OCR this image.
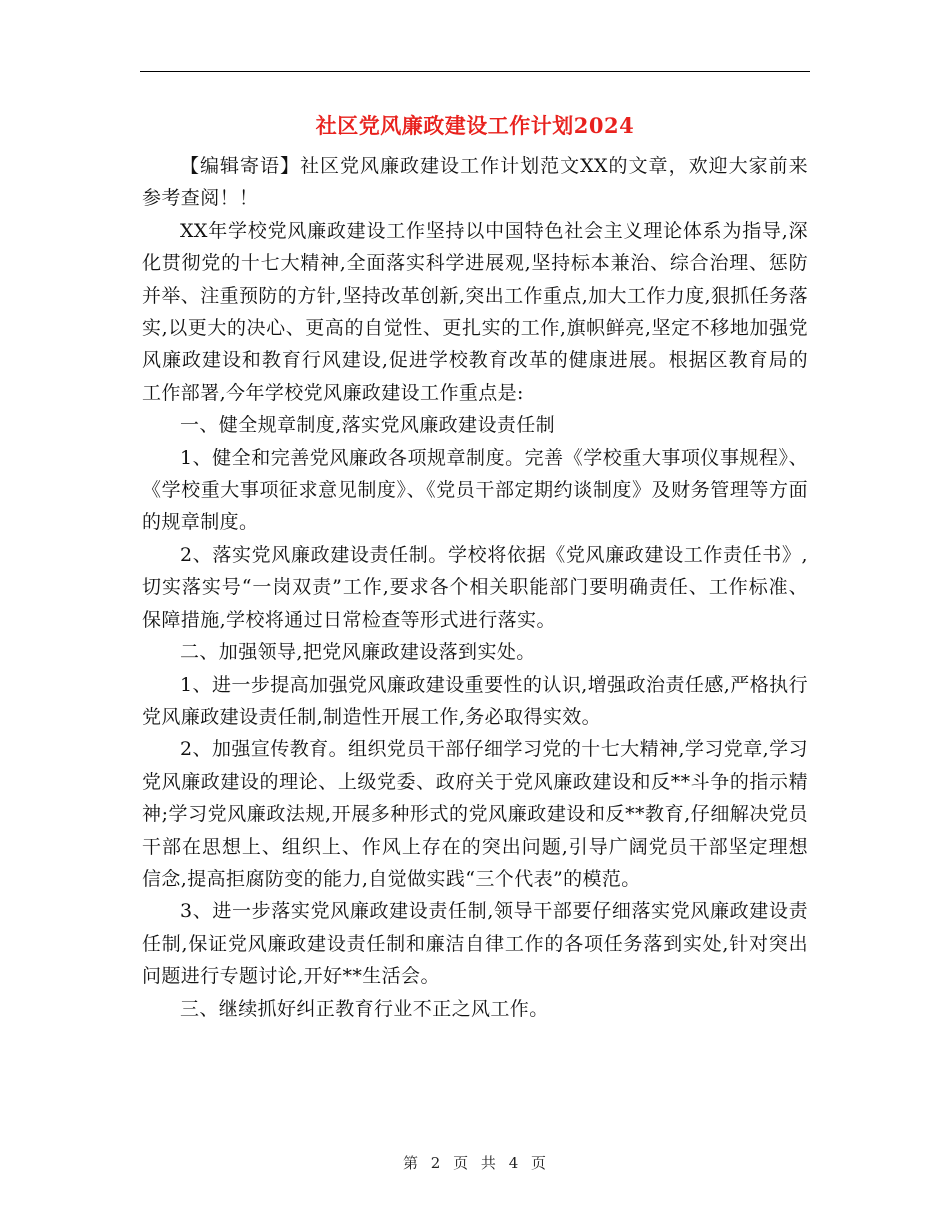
社区党风廉政建设工作计划2024

【编辑寄语】社区党风廉政建设工作计划范文XX的文章，欢迎大家前来参考查阅！！

XX年学校党风廉政建设工作坚持以中国特色社会主义理论体系为指导,深化贯彻党的十七大精神,全面落实科学进展观,坚持标本兼治、综合治理、惩防并举、注重预防的方针,坚持改革创新,突出工作重点,加大工作力度,狠抓任务落实,以更大的决心、更高的自觉性、更扎实的工作,旗帜鲜亮,坚定不移地加强党风廉政建设和教育行风建设,促进学校教育改革的健康进展。根据区教育局的工作部署,今年学校党风廉政建设工作重点是:

一、健全规章制度,落实党风廉政建设责任制

1、健全和完善党风廉政各项规章制度。完善《学校重大事项仪事规程》、《学校重大事项征求意见制度》、《党员干部定期约谈制度》及财务管理等方面的规章制度。

2、落实党风廉政建设责任制。学校将依据《党风廉政建设工作责任书》,切实落实号“一岗双责”工作,要求各个相关职能部门要明确责任、工作标准、保障措施,学校将通过日常检查等形式进行落实。

二、加强领导,把党风廉政建设落到实处。

1、进一步提高加强党风廉政建设重要性的认识,增强政治责任感,严格执行党风廉政建设责任制,制造性开展工作,务必取得实效。

2、加强宣传教育。组织党员干部仔细学习党的十七大精神,学习党章,学习党风廉政建设的理论、上级党委、政府关于党风廉政建设和反**斗争的指示精神;学习党风廉政法规,开展多种形式的党风廉政建设和反**教育,仔细解决党员干部在思想上、组织上、作风上存在的突出问题,引导广阔党员干部坚定理想信念,提高拒腐防变的能力,自觉做实践“三个代表”的模范。

3、进一步落实党风廉政建设责任制,领导干部要仔细落实党风廉政建设责任制,保证党风廉政建设责任制和廉洁自律工作的各项任务落到实处,针对突出问题进行专题讨论,开好**生活会。

三、继续抓好纠正教育行业不正之风工作。

第 2 页 共 4 页
